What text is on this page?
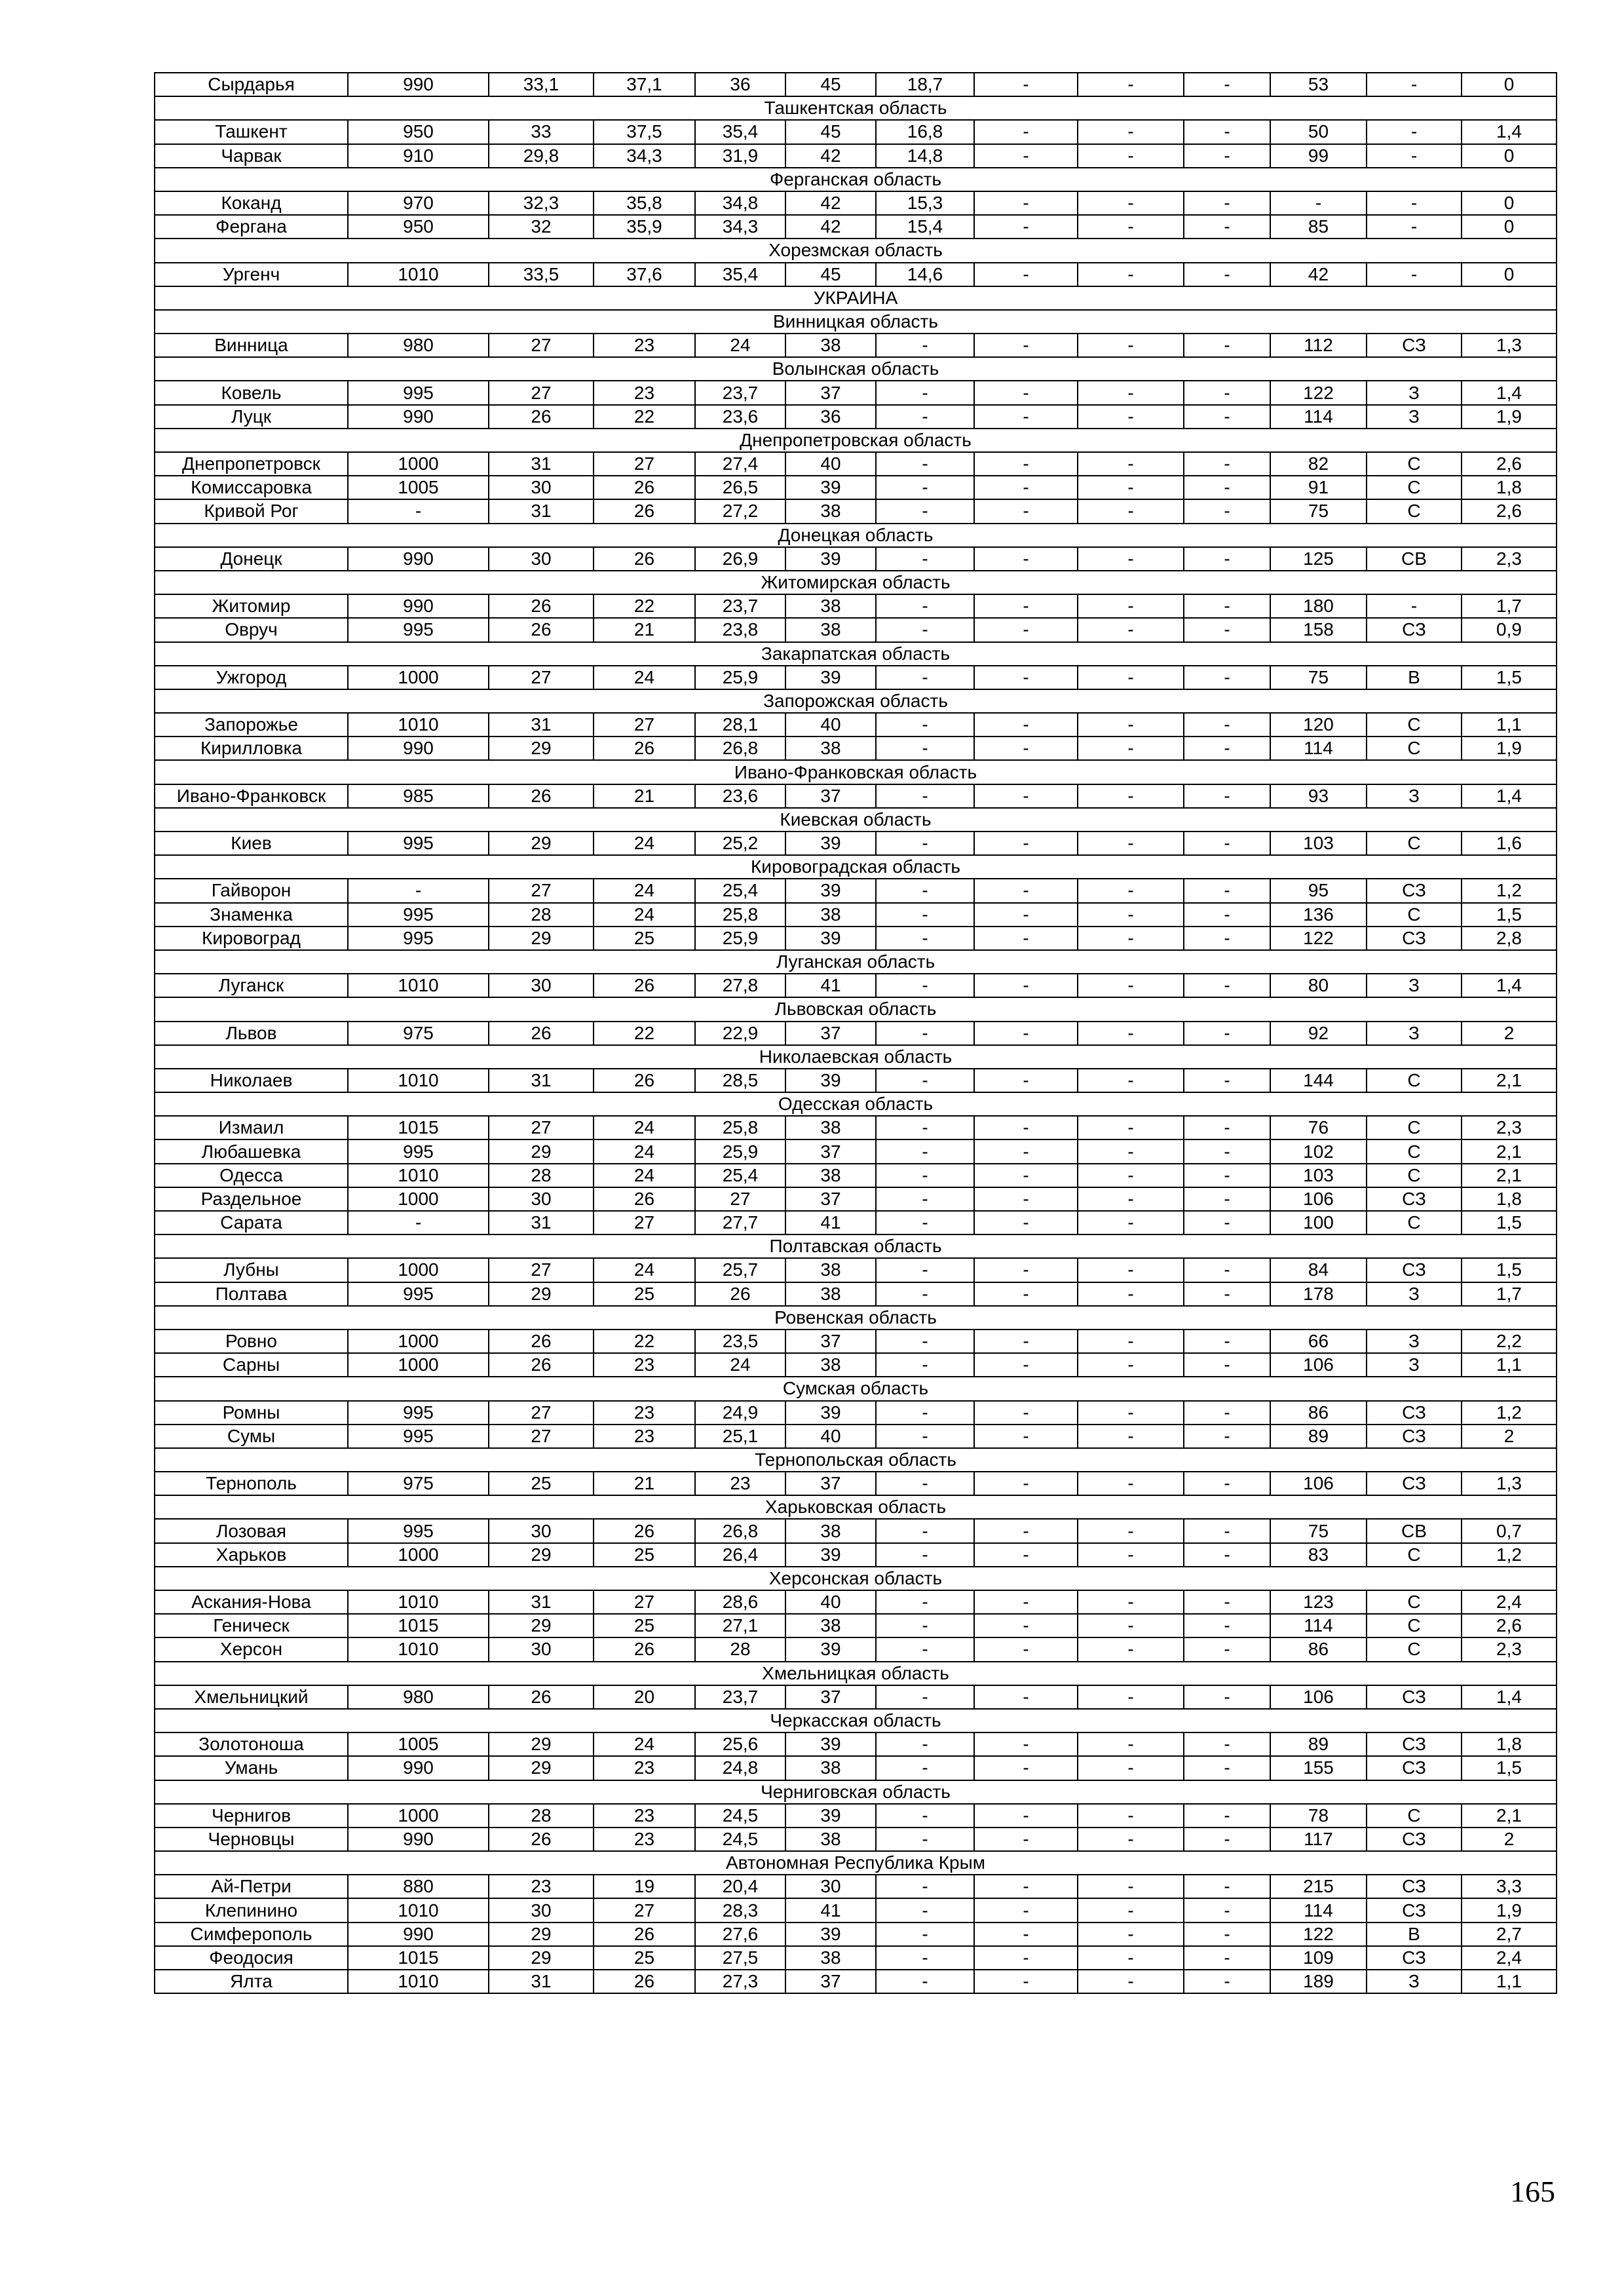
Сырдарья	990	33,1	37,1	36	45	18,7	-	-	-	53	-	0
Ташкентская область												
Ташкент	950	33	37,5	35,4	45	16,8	-	-	-	50	-	1,4
Чарвак	910	29,8	34,3	31,9	42	14,8	-	-	-	99	-	0
Ферганская область												
Коканд	970	32,3	35,8	34,8	42	15,3	-	-	-	-	-	0
Фергана	950	32	35,9	34,3	42	15,4	-	-	-	85	-	0
Хорезмская область												
Ургенч	1010	33,5	37,6	35,4	45	14,6	-	-	-	42	-	0
УКРАИНА												
Винницкая область												
Винница	980	27	23	24	38	-	-	-	-	112	СЗ	1,3
Волынская область												
Ковель	995	27	23	23,7	37	-	-	-	-	122	З	1,4
Луцк	990	26	22	23,6	36	-	-	-	-	114	З	1,9
Днепропетровская область												
Днепропетровск	1000	31	27	27,4	40	-	-	-	-	82	С	2,6
Комиссаровка	1005	30	26	26,5	39	-	-	-	-	91	С	1,8
Кривой Рог	-	31	26	27,2	38	-	-	-	-	75	С	2,6
Донецкая область												
Донецк	990	30	26	26,9	39	-	-	-	-	125	СВ	2,3
Житомирская область												
Житомир	990	26	22	23,7	38	-	-	-	-	180	-	1,7
Овруч	995	26	21	23,8	38	-	-	-	-	158	СЗ	0,9
Закарпатская область												
Ужгород	1000	27	24	25,9	39	-	-	-	-	75	В	1,5
Запорожская область												
Запорожье	1010	31	27	28,1	40	-	-	-	-	120	С	1,1
Кирилловка	990	29	26	26,8	38	-	-	-	-	114	С	1,9
Ивано-Франковская область												
Ивано-Франковск	985	26	21	23,6	37	-	-	-	-	93	З	1,4
Киевская область												
Киев	995	29	24	25,2	39	-	-	-	-	103	С	1,6
Кировоградская область												
Гайворон	-	27	24	25,4	39	-	-	-	-	95	СЗ	1,2
Знаменка	995	28	24	25,8	38	-	-	-	-	136	С	1,5
Кировоград	995	29	25	25,9	39	-	-	-	-	122	СЗ	2,8
Луганская область												
Луганск	1010	30	26	27,8	41	-	-	-	-	80	З	1,4
Львовская область												
Львов	975	26	22	22,9	37	-	-	-	-	92	З	2
Николаевская область												
Николаев	1010	31	26	28,5	39	-	-	-	-	144	С	2,1
Одесская область												
Измаил	1015	27	24	25,8	38	-	-	-	-	76	С	2,3
Любашевка	995	29	24	25,9	37	-	-	-	-	102	С	2,1
Одесса	1010	28	24	25,4	38	-	-	-	-	103	С	2,1
Раздельное	1000	30	26	27	37	-	-	-	-	106	СЗ	1,8
Сарата	-	31	27	27,7	41	-	-	-	-	100	С	1,5
Полтавская область												
Лубны	1000	27	24	25,7	38	-	-	-	-	84	СЗ	1,5
Полтава	995	29	25	26	38	-	-	-	-	178	З	1,7
Ровенская область												
Ровно	1000	26	22	23,5	37	-	-	-	-	66	З	2,2
Сарны	1000	26	23	24	38	-	-	-	-	106	З	1,1
Сумская область												
Ромны	995	27	23	24,9	39	-	-	-	-	86	СЗ	1,2
Сумы	995	27	23	25,1	40	-	-	-	-	89	СЗ	2
Тернопольская область												
Тернополь	975	25	21	23	37	-	-	-	-	106	СЗ	1,3
Харьковская область												
Лозовая	995	30	26	26,8	38	-	-	-	-	75	СВ	0,7
Харьков	1000	29	25	26,4	39	-	-	-	-	83	С	1,2
Херсонская область												
Аскания-Нова	1010	31	27	28,6	40	-	-	-	-	123	С	2,4
Геническ	1015	29	25	27,1	38	-	-	-	-	114	С	2,6
Херсон	1010	30	26	28	39	-	-	-	-	86	С	2,3
Хмельницкая область												
Хмельницкий	980	26	20	23,7	37	-	-	-	-	106	СЗ	1,4
Черкасская область												
Золотоноша	1005	29	24	25,6	39	-	-	-	-	89	СЗ	1,8
Умань	990	29	23	24,8	38	-	-	-	-	155	СЗ	1,5
Черниговская область												
Чернигов	1000	28	23	24,5	39	-	-	-	-	78	С	2,1
Черновцы	990	26	23	24,5	38	-	-	-	-	117	СЗ	2
Автономная Республика Крым												
Ай-Петри	880	23	19	20,4	30	-	-	-	-	215	СЗ	3,3
Клепинино	1010	30	27	28,3	41	-	-	-	-	114	СЗ	1,9
Симферополь	990	29	26	27,6	39	-	-	-	-	122	В	2,7
Феодосия	1015	29	25	27,5	38	-	-	-	-	109	СЗ	2,4
Ялта	1010	31	26	27,3	37	-	-	-	-	189	З	1,1
165
